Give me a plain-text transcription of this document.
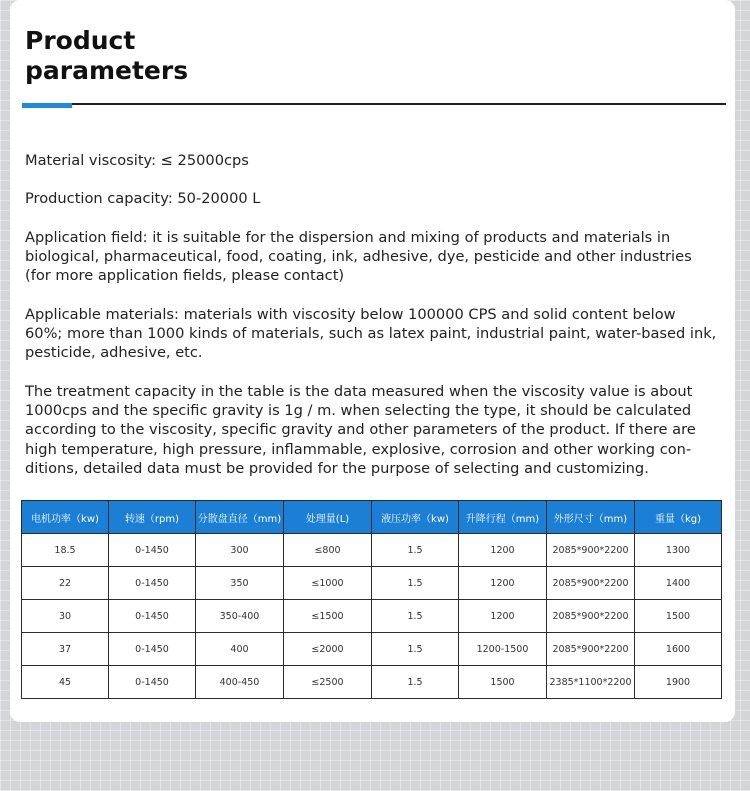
Product
parameters

Material viscosity: ≤ 25000cps

Production capacity: 50-20000 L

Application field: it is suitable for the dispersion and mixing of products and materials in biological, pharmaceutical, food, coating, ink, adhesive, dye, pesticide and other industries (for more application fields, please contact)

Applicable materials: materials with viscosity below 100000 CPS and solid content below 60%; more than 1000 kinds of materials, such as latex paint, industrial paint, water-based ink, pesticide, adhesive, etc.

The treatment capacity in the table is the data measured when the viscosity value is about 1000cps and the specific gravity is 1g / m. when selecting the type, it should be calculated according to the viscosity, specific gravity and other parameters of the product. If there are high temperature, high pressure, inflammable, explosive, corrosion and other working con-ditions, detailed data must be provided for the purpose of selecting and customizing.

电机功率（kw)	转速（rpm)	分散盘直径（mm)	处理量(L)	液压功率（kw)	升降行程（mm)	外形尺寸（mm)	重量（kg)
18.5	0-1450	300	≤800	1.5	1200	2085*900*2200	1300
22	0-1450	350	≤1000	1.5	1200	2085*900*2200	1400
30	0-1450	350-400	≤1500	1.5	1200	2085*900*2200	1500
37	0-1450	400	≤2000	1.5	1200-1500	2085*900*2200	1600
45	0-1450	400-450	≤2500	1.5	1500	2385*1100*2200	1900
